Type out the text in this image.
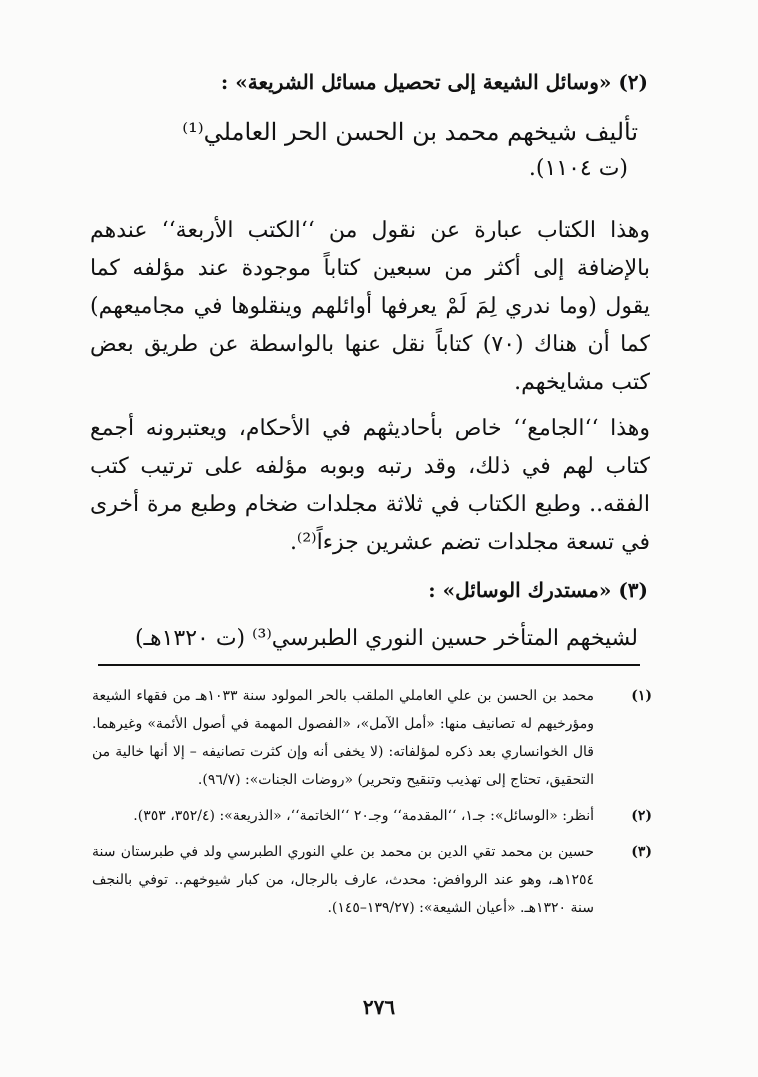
(٢) «وسائل الشيعة إلى تحصيل مسائل الشريعة» :
تأليف شيخهم محمد بن الحسن الحر العاملي⁽¹⁾
(ت ١١٠٤).
وهذا الكتاب عبارة عن نقول من ‘‘الكتب الأربعة‘‘ عندهم بالإضافة إلى أكثر من سبعين كتاباً موجودة عند مؤلفه كما يقول (وما ندري لِمَ لَمْ يعرفها أوائلهم وينقلوها في مجاميعهم) كما أن هناك (٧٠) كتاباً نقل عنها بالواسطة عن طريق بعض كتب مشايخهم.
وهذا ‘‘الجامع‘‘ خاص بأحاديثهم في الأحكام، ويعتبرونه أجمع كتاب لهم في ذلك، وقد رتبه وبوبه مؤلفه على ترتيب كتب الفقه.. وطبع الكتاب في ثلاثة مجلدات ضخام وطبع مرة أخرى في تسعة مجلدات تضم عشرين جزءاً⁽²⁾.
(٣) «مستدرك الوسائل» :
لشيخهم المتأخر حسين النوري الطبرسي⁽³⁾ (ت ١٣٢٠هـ)
(١)
محمد بن الحسن بن علي العاملي الملقب بالحر المولود سنة ١٠٣٣هـ من فقهاء الشيعة ومؤرخيهم له تصانيف منها: «أمل الآمل»، «الفصول المهمة في أصول الأئمة» وغيرهما. قال الخوانساري بعد ذكره لمؤلفاته: (لا يخفى أنه وإن كثرت تصانيفه – إلا أنها خالية من التحقيق، تحتاج إلى تهذيب وتنقيح وتحرير) «روضات الجنات»: (٩٦/٧).
(٢)
أنظر: «الوسائل»: جـ١، ‘‘المقدمة‘‘ وجـ٢٠ ‘‘الخاتمة‘‘، «الذريعة»: (٣٥٢/٤، ٣٥٣).
(٣)
حسين بن محمد تقي الدين بن محمد بن علي النوري الطبرسي ولد في طبرستان سنة ١٢٥٤هـ، وهو عند الروافض: محدث، عارف بالرجال، من كبار شيوخهم.. توفي بالنجف سنة ١٣٢٠هـ. «أعيان الشيعة»: (١٣٩/٢٧–١٤٥).
٢٧٦
